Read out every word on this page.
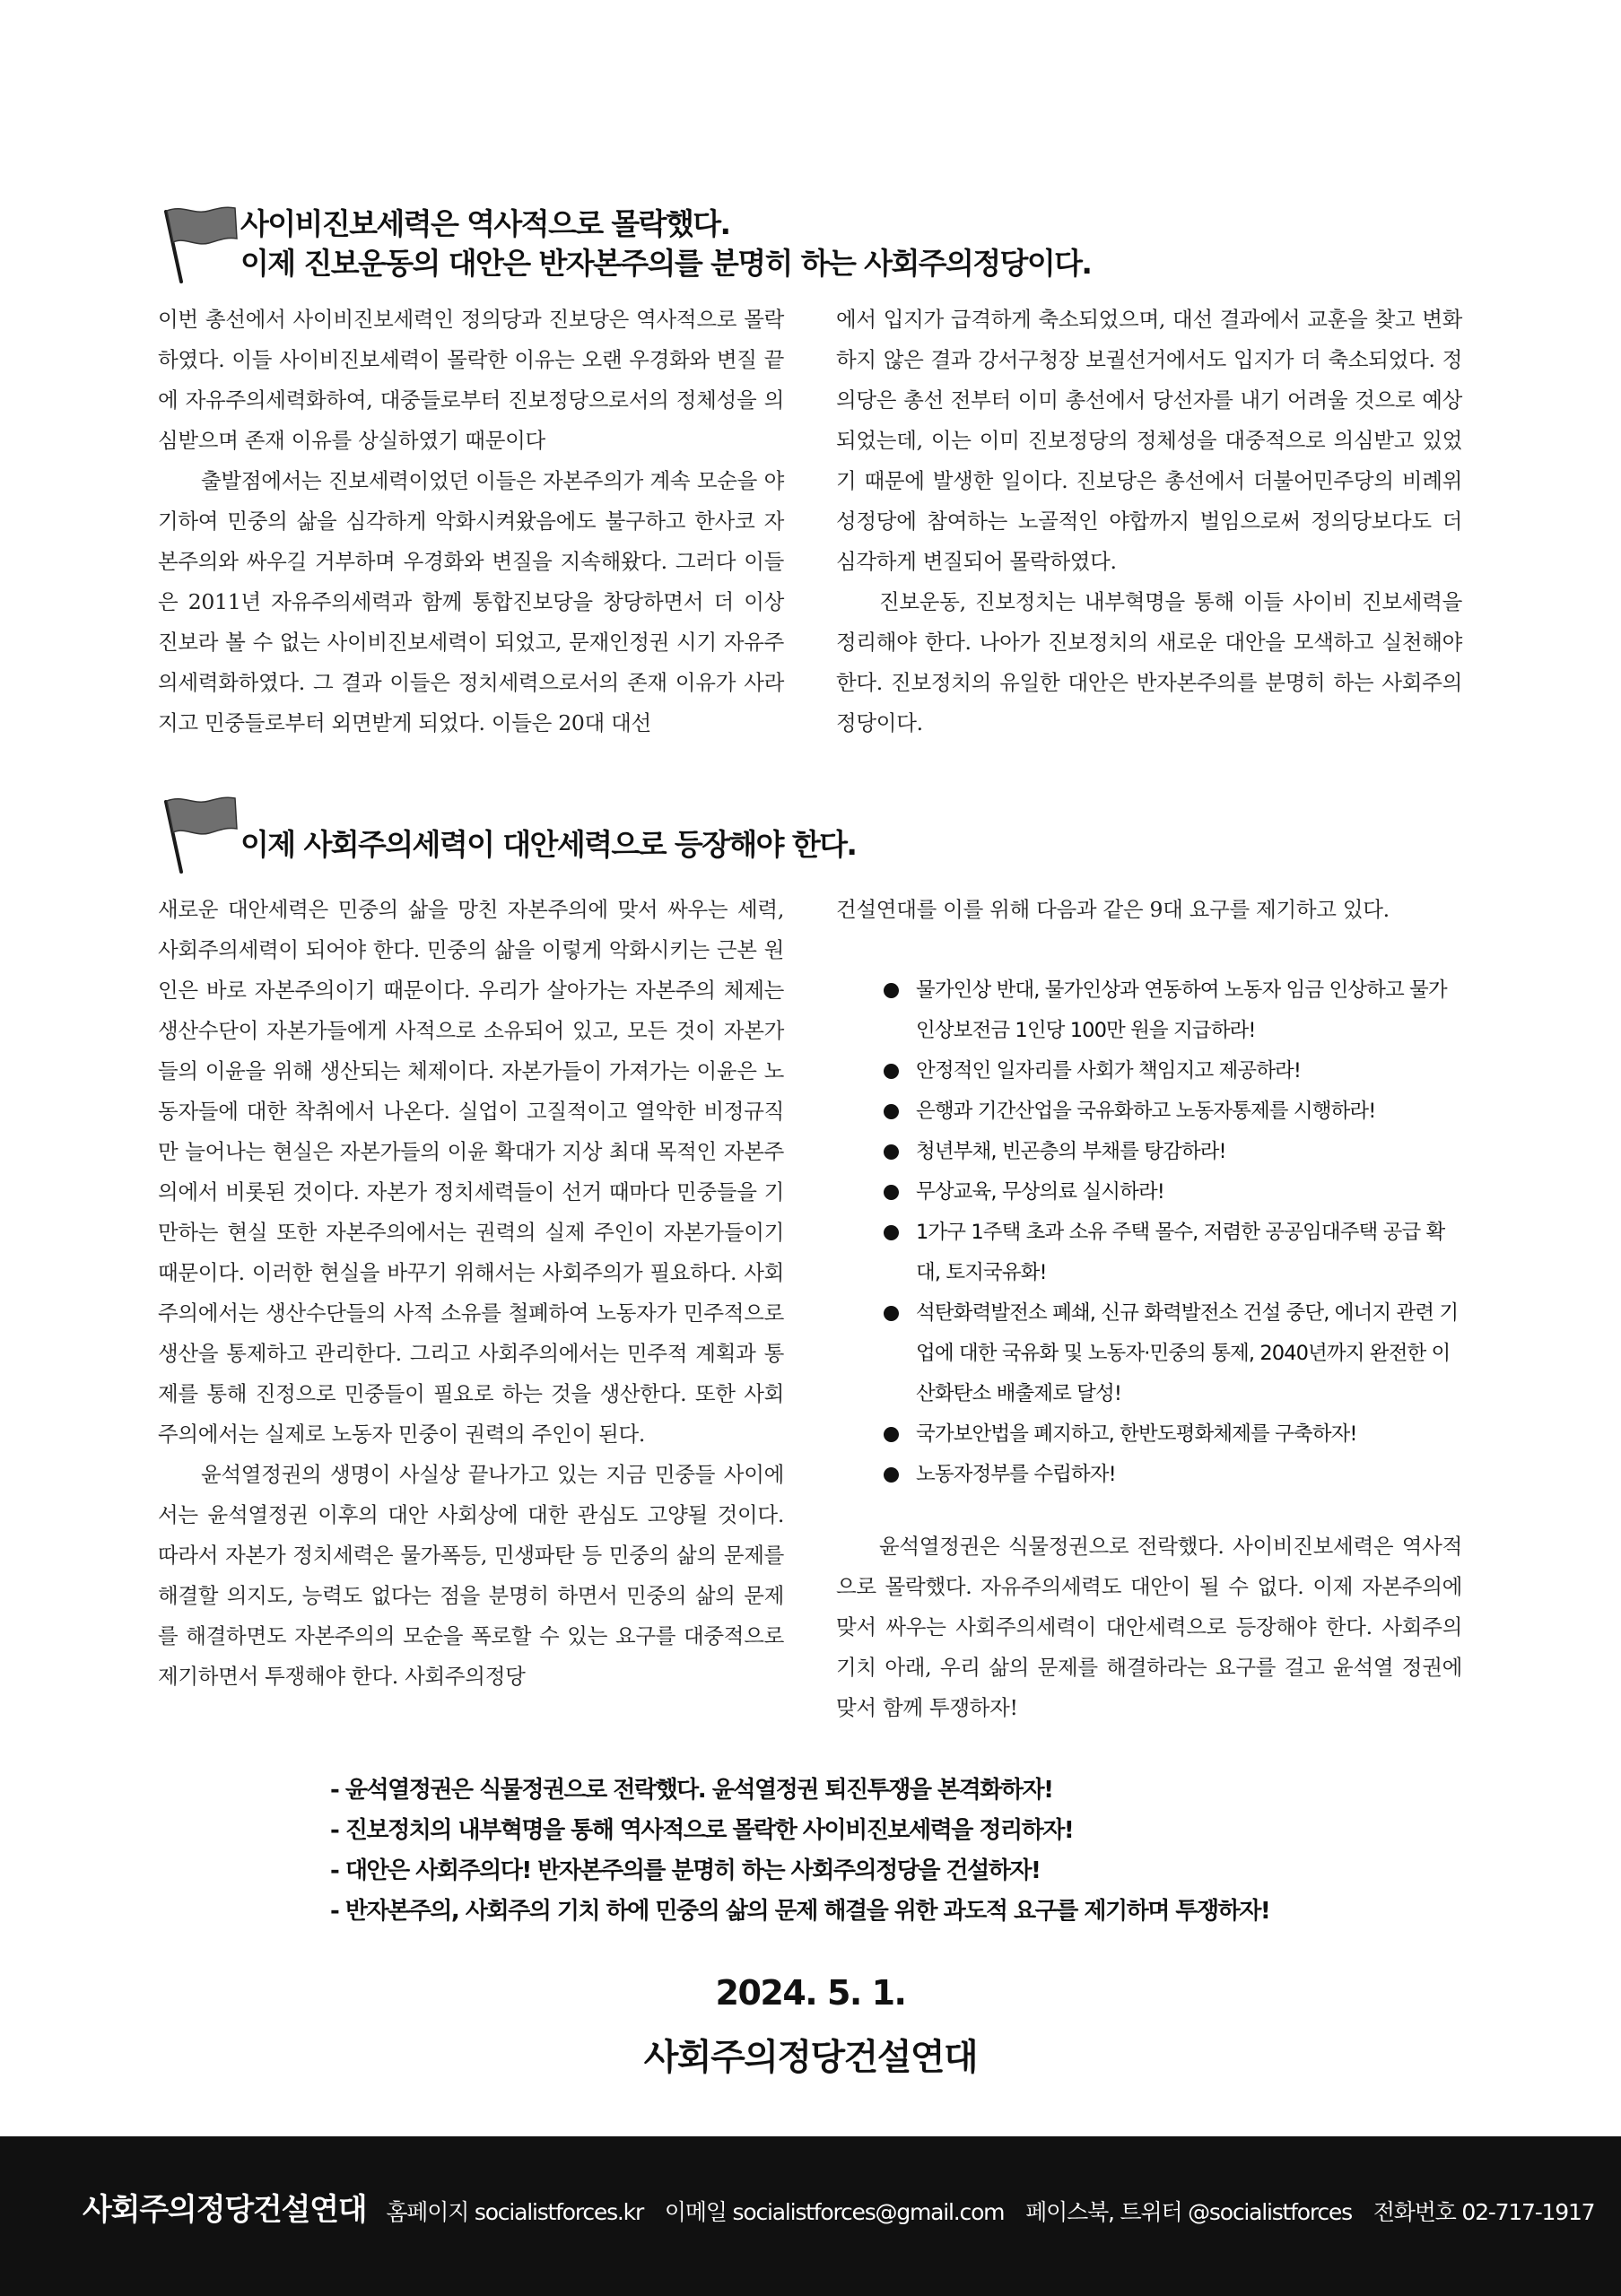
사이비진보세력은 역사적으로 몰락했다.
이제 진보운동의 대안은 반자본주의를 분명히 하는 사회주의정당이다.

이번 총선에서 사이비진보세력인 정의당과 진보당은 역사적으로 몰락하였다. 이들 사이비진보세력이 몰락한 이유는 오랜 우경화와 변질 끝에 자유주의세력화하여, 대중들로부터 진보정당으로서의 정체성을 의심받으며 존재 이유를 상실하였기 때문이다

출발점에서는 진보세력이었던 이들은 자본주의가 계속 모순을 야기하여 민중의 삶을 심각하게 악화시켜왔음에도 불구하고 한사코 자본주의와 싸우길 거부하며 우경화와 변질을 지속해왔다. 그러다 이들은 2011년 자유주의세력과 함께 통합진보당을 창당하면서 더 이상 진보라 볼 수 없는 사이비진보세력이 되었고, 문재인정권 시기 자유주의세력화하였다. 그 결과 이들은 정치세력으로서의 존재 이유가 사라지고 민중들로부터 외면받게 되었다. 이들은 20대 대선

에서 입지가 급격하게 축소되었으며, 대선 결과에서 교훈을 찾고 변화하지 않은 결과 강서구청장 보궐선거에서도 입지가 더 축소되었다. 정의당은 총선 전부터 이미 총선에서 당선자를 내기 어려울 것으로 예상되었는데, 이는 이미 진보정당의 정체성을 대중적으로 의심받고 있었기 때문에 발생한 일이다. 진보당은 총선에서 더불어민주당의 비례위성정당에 참여하는 노골적인 야합까지 벌임으로써 정의당보다도 더 심각하게 변질되어 몰락하였다.

진보운동, 진보정치는 내부혁명을 통해 이들 사이비 진보세력을 정리해야 한다. 나아가 진보정치의 새로운 대안을 모색하고 실천해야 한다. 진보정치의 유일한 대안은 반자본주의를 분명히 하는 사회주의정당이다.

이제 사회주의세력이 대안세력으로 등장해야 한다.

새로운 대안세력은 민중의 삶을 망친 자본주의에 맞서 싸우는 세력, 사회주의세력이 되어야 한다. 민중의 삶을 이렇게 악화시키는 근본 원인은 바로 자본주의이기 때문이다. 우리가 살아가는 자본주의 체제는 생산수단이 자본가들에게 사적으로 소유되어 있고, 모든 것이 자본가들의 이윤을 위해 생산되는 체제이다. 자본가들이 가져가는 이윤은 노동자들에 대한 착취에서 나온다. 실업이 고질적이고 열악한 비정규직만 늘어나는 현실은 자본가들의 이윤 확대가 지상 최대 목적인 자본주의에서 비롯된 것이다. 자본가 정치세력들이 선거 때마다 민중들을 기만하는 현실 또한 자본주의에서는 권력의 실제 주인이 자본가들이기 때문이다. 이러한 현실을 바꾸기 위해서는 사회주의가 필요하다. 사회주의에서는 생산수단들의 사적 소유를 철폐하여 노동자가 민주적으로 생산을 통제하고 관리한다. 그리고 사회주의에서는 민주적 계획과 통제를 통해 진정으로 민중들이 필요로 하는 것을 생산한다. 또한 사회주의에서는 실제로 노동자 민중이 권력의 주인이 된다.

윤석열정권의 생명이 사실상 끝나가고 있는 지금 민중들 사이에서는 윤석열정권 이후의 대안 사회상에 대한 관심도 고양될 것이다. 따라서 자본가 정치세력은 물가폭등, 민생파탄 등 민중의 삶의 문제를 해결할 의지도, 능력도 없다는 점을 분명히 하면서 민중의 삶의 문제를 해결하면도 자본주의의 모순을 폭로할 수 있는 요구를 대중적으로 제기하면서 투쟁해야 한다. 사회주의정당

건설연대를 이를 위해 다음과 같은 9대 요구를 제기하고 있다.

물가인상 반대, 물가인상과 연동하여 노동자 임금 인상하고 물가인상보전금 1인당 100만 원을 지급하라!
안정적인 일자리를 사회가 책임지고 제공하라!
은행과 기간산업을 국유화하고 노동자통제를 시행하라!
청년부채, 빈곤층의 부채를 탕감하라!
무상교육, 무상의료 실시하라!
1가구 1주택 초과 소유 주택 몰수, 저렴한 공공임대주택 공급 확대, 토지국유화!
석탄화력발전소 폐쇄, 신규 화력발전소 건설 중단, 에너지 관련 기업에 대한 국유화 및 노동자·민중의 통제, 2040년까지 완전한 이산화탄소 배출제로 달성!
국가보안법을 폐지하고, 한반도평화체제를 구축하자!
노동자정부를 수립하자!

윤석열정권은 식물정권으로 전락했다. 사이비진보세력은 역사적으로 몰락했다. 자유주의세력도 대안이 될 수 없다. 이제 자본주의에 맞서 싸우는 사회주의세력이 대안세력으로 등장해야 한다. 사회주의 기치 아래, 우리 삶의 문제를 해결하라는 요구를 걸고 윤석열 정권에 맞서 함께 투쟁하자!

- 윤석열정권은 식물정권으로 전락했다. 윤석열정권 퇴진투쟁을 본격화하자!
- 진보정치의 내부혁명을 통해 역사적으로 몰락한 사이비진보세력을 정리하자!
- 대안은 사회주의다! 반자본주의를 분명히 하는 사회주의정당을 건설하자!
- 반자본주의, 사회주의 기치 하에 민중의 삶의 문제 해결을 위한 과도적 요구를 제기하며 투쟁하자!
2024. 5. 1.
사회주의정당건설연대
사회주의정당건설연대 홈페이지 socialistforces.kr 이메일 socialistforces@gmail.com 페이스북, 트위터 @socialistforces 전화번호 02-717-1917
